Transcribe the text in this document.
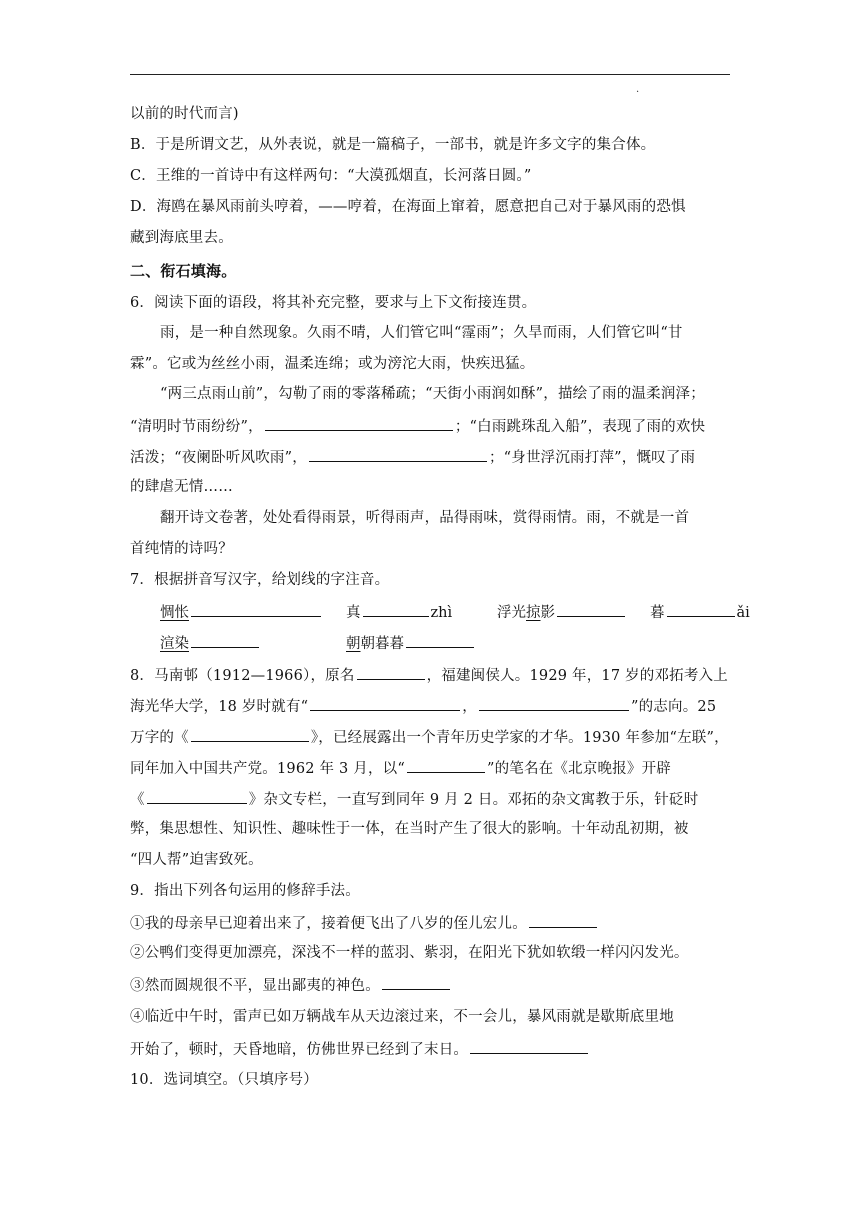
.
以前的时代而言)
B．于是所谓文艺，从外表说，就是一篇稿子，一部书，就是许多文字的集合体。
C．王维的一首诗中有这样两句：“大漠孤烟直，长河落日圆。”
D．海鸥在暴风雨前头哼着，——哼着，在海面上窜着，愿意把自己对于暴风雨的恐惧
藏到海底里去。
二、衔石填海。
6．阅读下面的语段，将其补充完整，要求与上下文衔接连贯。
雨，是一种自然现象。久雨不晴，人们管它叫“霪雨”；久旱而雨，人们管它叫“甘
霖”。它或为丝丝小雨，温柔连绵；或为滂沱大雨，快疾迅猛。
“两三点雨山前”，勾勒了雨的零落稀疏；“天街小雨润如酥”，描绘了雨的温柔润泽；
“清明时节雨纷纷”，	；“白雨跳珠乱入船”，表现了雨的欢快
活泼；“夜阑卧听风吹雨”，	；“身世浮沉雨打萍”，慨叹了雨
的肆虐无情……
翻开诗文卷著，处处看得雨景，听得雨声，品得雨味，赏得雨情。雨，不就是一首
首纯情的诗吗？
7．根据拼音写汉字，给划线的字注音。
惆怅	真	zhì	浮光掠影	暮	ǎi
渲染	朝朝暮暮
8．马南邨（1912—1966），原名	，福建闽侯人。1929 年，17 岁的邓拓考入上
海光华大学，18 岁时就有“	，	”的志向。25
万字的《	》，已经展露出一个青年历史学家的才华。1930 年参加“左联”，
同年加入中国共产党。1962 年 3 月，以“	”的笔名在《北京晚报》开辟
《	》杂文专栏，一直写到同年 9 月 2 日。邓拓的杂文寓教于乐，针砭时
弊，集思想性、知识性、趣味性于一体，在当时产生了很大的影响。十年动乱初期，被
“四人帮”迫害致死。
9．指出下列各句运用的修辞手法。
①我的母亲早已迎着出来了，接着便飞出了八岁的侄儿宏儿。
②公鸭们变得更加漂亮，深浅不一样的蓝羽、紫羽，在阳光下犹如软缎一样闪闪发光。
③然而圆规很不平，显出鄙夷的神色。
④临近中午时，雷声已如万辆战车从天边滚过来，不一会儿，暴风雨就是歇斯底里地
开始了，顿时，天昏地暗，仿佛世界已经到了末日。
10．选词填空。（只填序号）
